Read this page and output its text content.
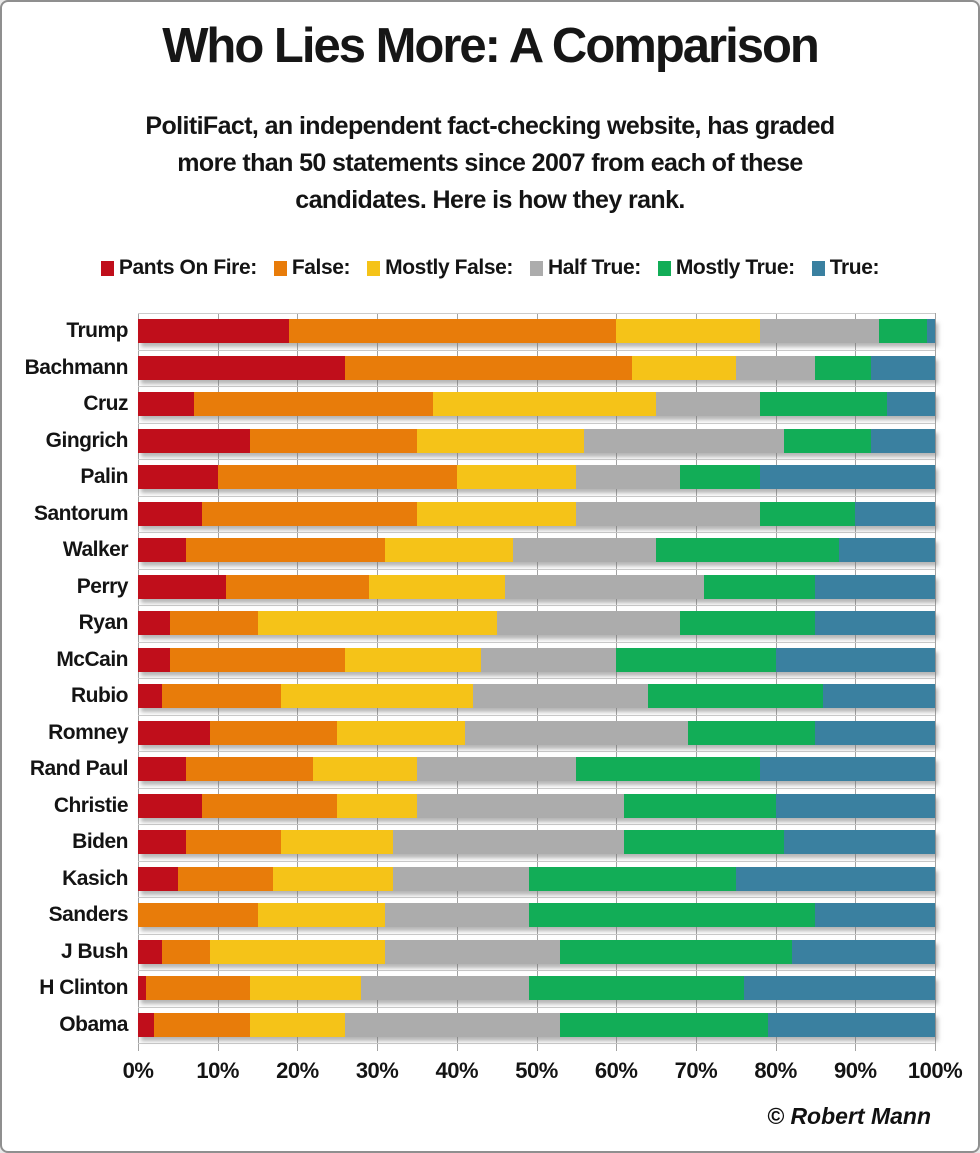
Who Lies More: A Comparison
PolitiFact, an independent fact-checking website, has graded
more than 50 statements since 2007 from each of these
candidates. Here is how they rank.
Pants On Fire: False: Mostly False: Half True: Mostly True: True:
0% 10% 20% 30% 40% 50% 60% 70% 80% 90% 100%
Trump
Bachmann
Cruz
Gingrich
Palin
Santorum
Walker
Perry
Ryan
McCain
Rubio
Romney
Rand Paul
Christie
Biden
Kasich
Sanders
J Bush
H Clinton
Obama
© Robert Mann
